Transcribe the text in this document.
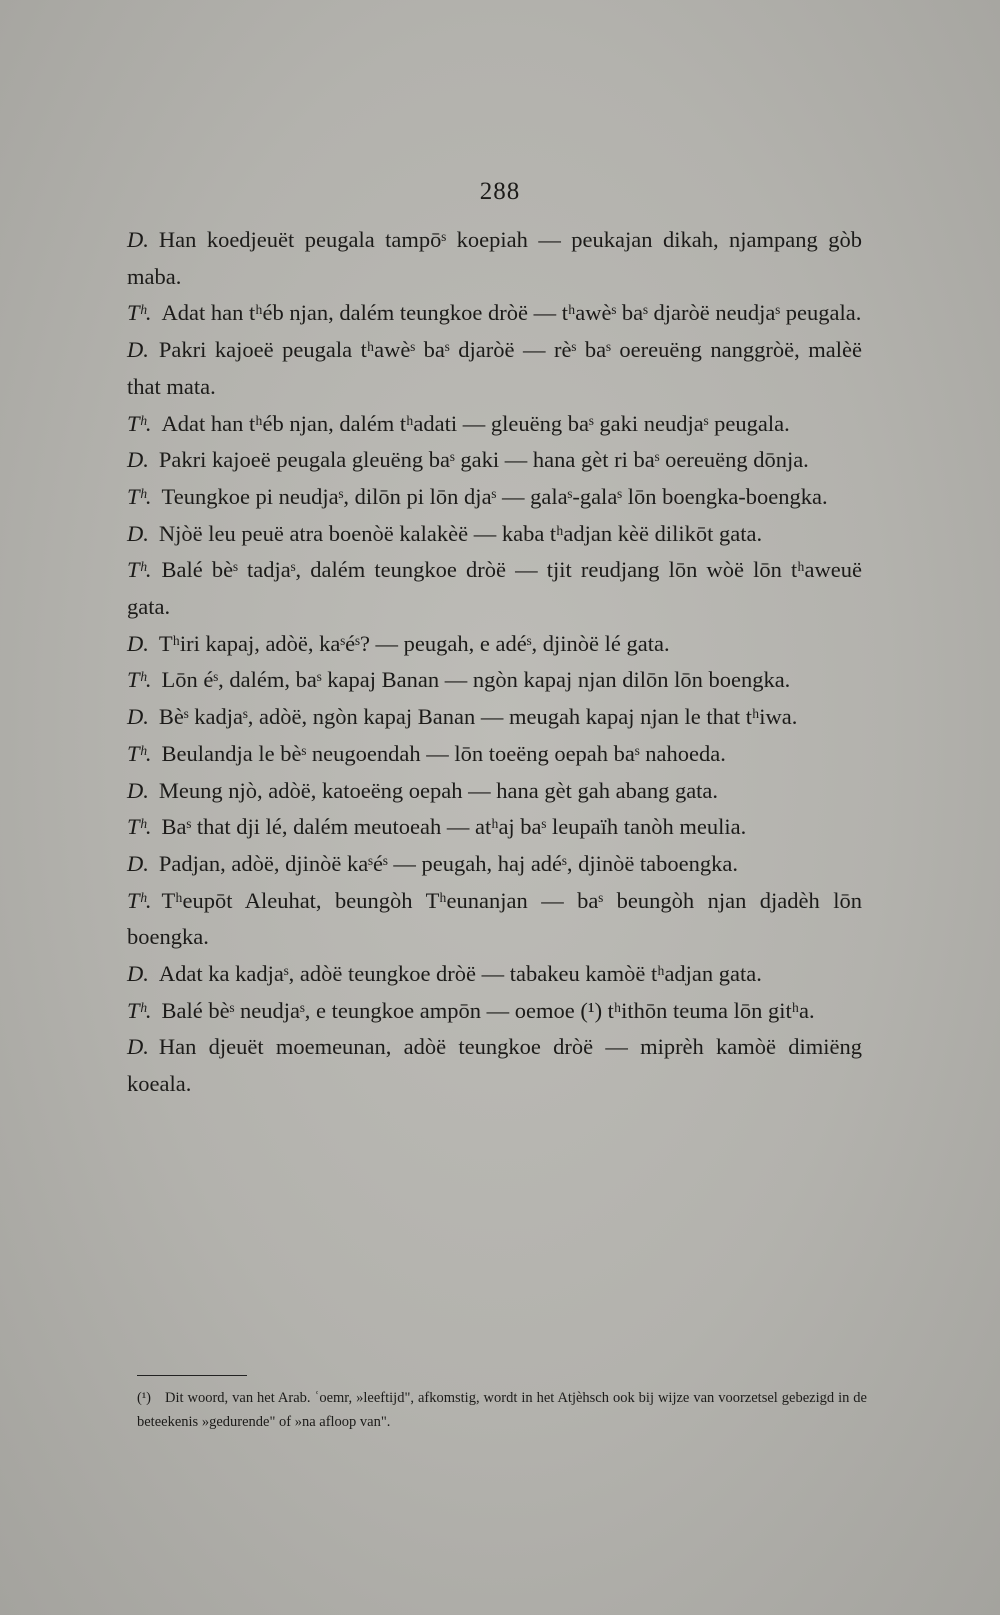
288

D. Han koedjeuët peugala tampōˢ koepiah — peukajan dikah, njampang gòb maba.

Tʰ. Adat han tʰéb njan, dalém teungkoe dròë — tʰawèˢ baˢ djaròë neudjaˢ peugala.

D. Pakri kajoeë peugala tʰawèˢ baˢ djaròë — rèˢ baˢ oereuëng nanggròë, malèë that mata.

Tʰ. Adat han tʰéb njan, dalém tʰadati — gleuëng baˢ gaki neudjaˢ peugala.

D. Pakri kajoeë peugala gleuëng baˢ gaki — hana gèt ri baˢ oereuëng dōnja.

Tʰ. Teungkoe pi neudjaˢ, dilōn pi lōn djaˢ — galaˢ-galaˢ lōn boengka-boengka.

D. Njòë leu peuë atra boenòë kalakèë — kaba tʰadjan kèë dilikōt gata.

Tʰ. Balé bèˢ tadjaˢ, dalém teungkoe dròë — tjit reudjang lōn wòë lōn tʰaweuë gata.

D. Tʰiri kapaj, adòë, kaˢéˢ? — peugah, e adéˢ, djinòë lé gata.

Tʰ. Lōn éˢ, dalém, baˢ kapaj Banan — ngòn kapaj njan dilōn lōn boengka.

D. Bèˢ kadjaˢ, adòë, ngòn kapaj Banan — meugah kapaj njan le that tʰiwa.

Tʰ. Beulandja le bèˢ neugoendah — lōn toeëng oepah baˢ nahoeda.

D. Meung njò, adòë, katoeëng oepah — hana gèt gah abang gata.

Tʰ. Baˢ that dji lé, dalém meutoeah — atʰaj baˢ leupaïh tanòh meulia.

D. Padjan, adòë, djinòë kaˢéˢ — peugah, haj adéˢ, djinòë taboengka.

Tʰ. Tʰeupōt Aleuhat, beungòh Tʰeunanjan — baˢ beungòh njan djadèh lōn boengka.

D. Adat ka kadjaˢ, adòë teungkoe dròë — tabakeu kamòë tʰadjan gata.

Tʰ. Balé bèˢ neudjaˢ, e teungkoe ampōn — oemoe (¹) tʰithōn teuma lōn gitʰa.

D. Han djeuët moemeunan, adòë teungkoe dròë — miprèh kamòë dimiëng koeala.

(¹) Dit woord, van het Arab. ʿoemr, »leeftijd", afkomstig, wordt in het Atjèhsch ook bij wijze van voorzetsel gebezigd in de beteekenis »gedurende" of »na afloop van".
